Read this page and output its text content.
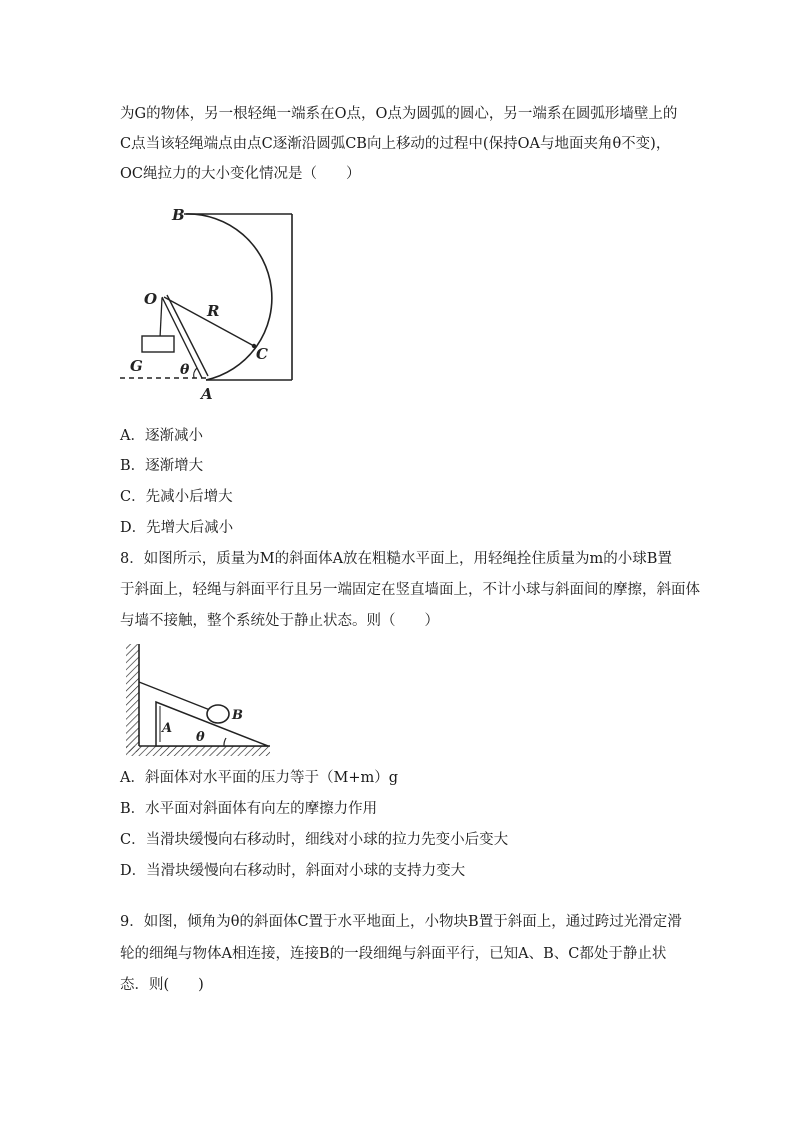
为G的物体，另一根轻绳一端系在O点，O点为圆弧的圆心，另一端系在圆弧形墙壁上的
C点当该轻绳端点由点C逐渐沿圆弧CB向上移动的过程中(保持OA与地面夹角θ不变)，
OC绳拉力的大小变化情况是（　　）
B
O
R
C
G	θ
A
A．逐渐减小
B．逐渐增大
C．先减小后增大
D．先增大后减小
8．如图所示，质量为M的斜面体A放在粗糙水平面上，用轻绳拴住质量为m的小球B置
于斜面上，轻绳与斜面平行且另一端固定在竖直墙面上，不计小球与斜面间的摩擦，斜面体
与墙不接触，整个系统处于静止状态。则（　　）
A
B
θ
A．斜面体对水平面的压力等于（M+m）g
B．水平面对斜面体有向左的摩擦力作用
C．当滑块缓慢向右移动时，细线对小球的拉力先变小后变大
D．当滑块缓慢向右移动时，斜面对小球的支持力变大
9．如图，倾角为θ的斜面体C置于水平地面上，小物块B置于斜面上，通过跨过光滑定滑
轮的细绳与物体A相连接，连接B的一段细绳与斜面平行，已知A、B、C都处于静止状
态．则(　　)
